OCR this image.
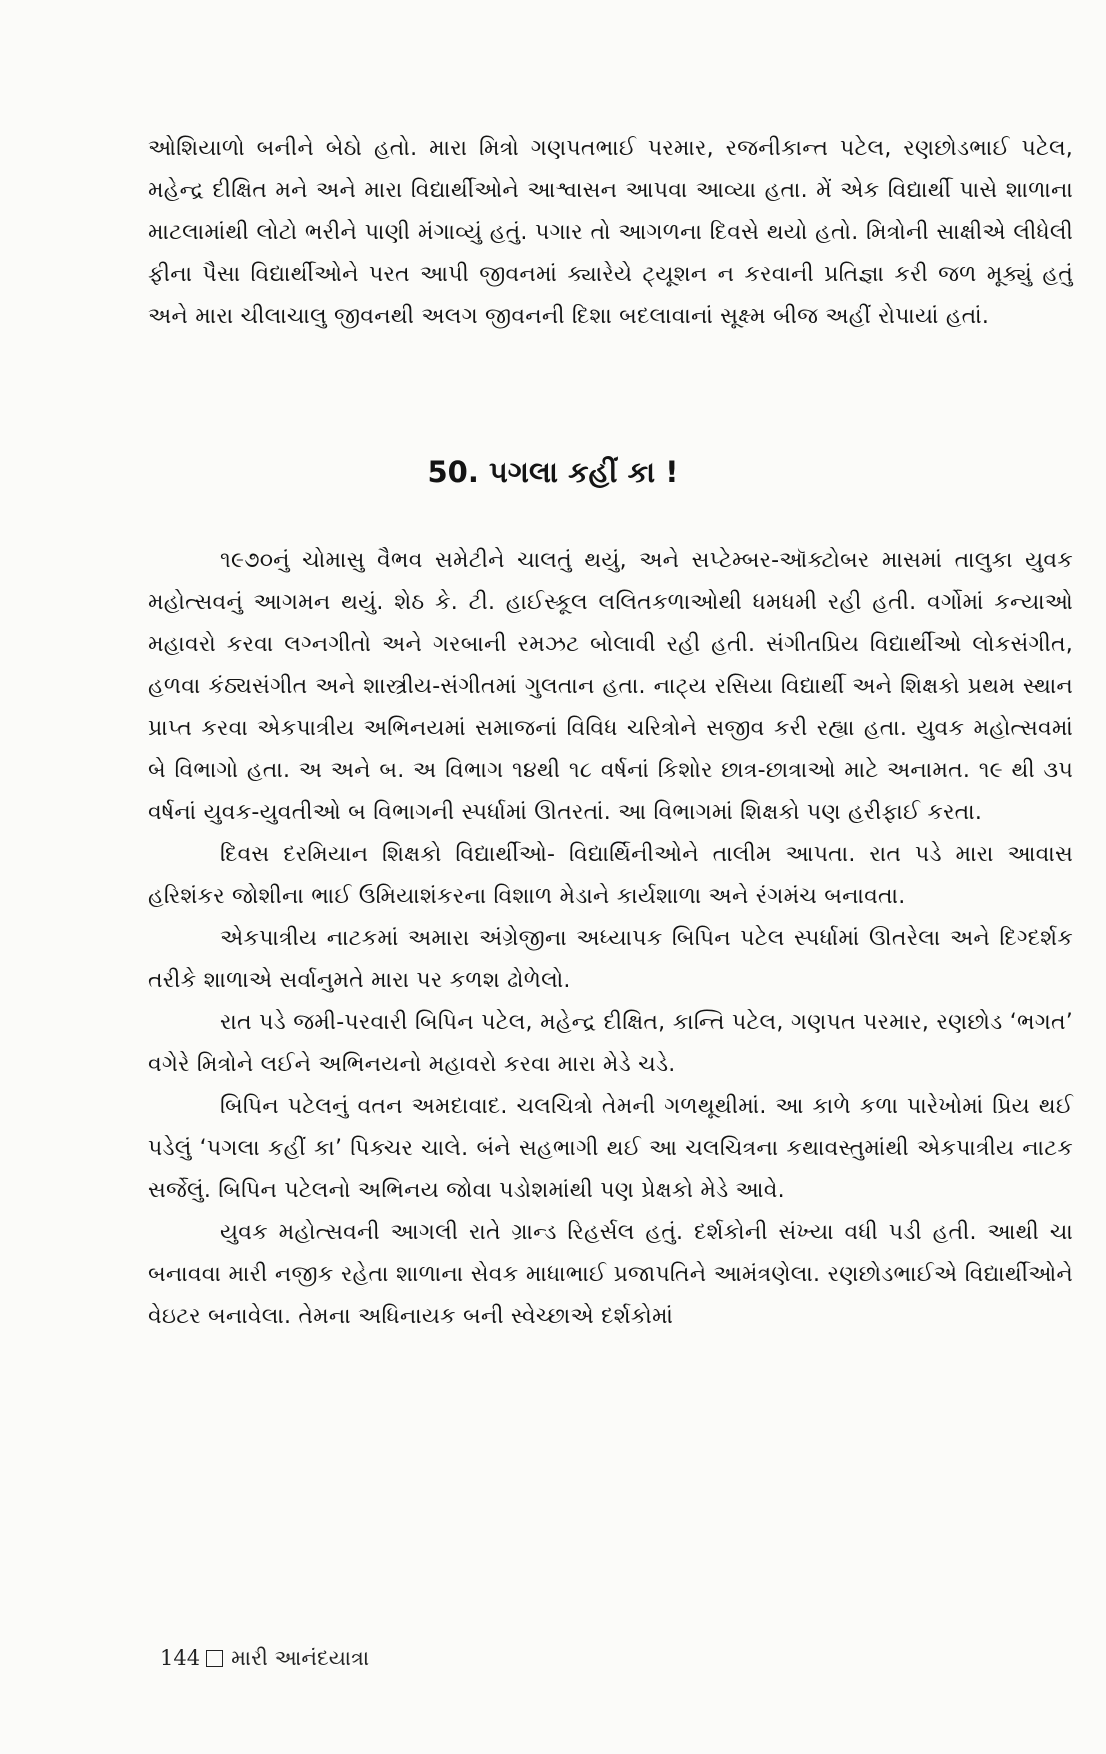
ઓશિયાળો બનીને બેઠો હતો. મારા મિત્રો ગણપતભાઈ પરમાર, રજનીકાન્ત પટેલ, રણછોડભાઈ પટેલ, મહેન્દ્ર દીક્ષિત મને અને મારા વિદ્યાર્થીઓને આશ્વાસન આપવા આવ્યા હતા. મેં એક વિદ્યાર્થી પાસે શાળાના માટલામાંથી લોટો ભરીને પાણી મંગાવ્યું હતું. પગાર તો આગળના દિવસે થયો હતો. મિત્રોની સાક્ષીએ લીધેલી ફીના પૈસા વિદ્યાર્થીઓને પરત આપી જીવનમાં ક્યારેયે ટ્યૂશન ન કરવાની પ્રતિજ્ઞા કરી જળ મૂક્યું હતું અને મારા ચીલાચાલુ જીવનથી અલગ જીવનની દિશા બદલાવાનાં સૂક્ષ્મ બીજ અહીં રોપાયાં હતાં.

50. પગલા કહીં કા !

૧૯૭૦નું ચોમાસુ વૈભવ સમેટીને ચાલતું થયું, અને સપ્ટેમ્બર-ઑક્ટોબર માસમાં તાલુકા યુવક મહોત્સવનું આગમન થયું. શેઠ કે. ટી. હાઈસ્કૂલ લલિતકળાઓથી ધમધમી રહી હતી. વર્ગોમાં કન્યાઓ મહાવરો કરવા લગ્નગીતો અને ગરબાની રમઝટ બોલાવી રહી હતી. સંગીતપ્રિય વિદ્યાર્થીઓ લોકસંગીત, હળવા કંઠ્યસંગીત અને શાસ્ત્રીય-સંગીતમાં ગુલતાન હતા. નાટ્ય રસિયા વિદ્યાર્થી અને શિક્ષકો પ્રથમ સ્થાન પ્રાપ્ત કરવા એકપાત્રીય અભિનયમાં સમાજનાં વિવિધ ચરિત્રોને સજીવ કરી રહ્યા હતા. યુવક મહોત્સવમાં બે વિભાગો હતા. અ અને બ. અ વિભાગ ૧૪થી ૧૮ વર્ષનાં કિશોર છાત્ર-છાત્રાઓ માટે અનામત. ૧૯ થી ૩૫ વર્ષનાં યુવક-યુવતીઓ બ વિભાગની સ્પર્ધામાં ઊતરતાં. આ વિભાગમાં શિક્ષકો પણ હરીફાઈ કરતા.

દિવસ દરમિયાન શિક્ષકો વિદ્યાર્થીઓ- વિદ્યાર્થિનીઓને તાલીમ આપતા. રાત પડે મારા આવાસ હરિશંકર જોશીના ભાઈ ઉમિયાશંકરના વિશાળ મેડાને કાર્યશાળા અને રંગમંચ બનાવતા.

એકપાત્રીય નાટકમાં અમારા અંગ્રેજીના અધ્યાપક બિપિન પટેલ સ્પર્ધામાં ઊતરેલા અને દિગ્દર્શક તરીકે શાળાએ સર્વાનુમતે મારા પર કળશ ઢોળેલો.

રાત પડે જમી-પરવારી બિપિન પટેલ, મહેન્દ્ર દીક્ષિત, કાન્તિ પટેલ, ગણપત પરમાર, રણછોડ ‘ભગત’ વગેરે મિત્રોને લઈને અભિનયનો મહાવરો કરવા મારા મેડે ચડે.

બિપિન પટેલનું વતન અમદાવાદ. ચલચિત્રો તેમની ગળથૂથીમાં. આ કાળે કળા પારેખોમાં પ્રિય થઈ પડેલું ‘પગલા કહીં કા’ પિક્ચર ચાલે. બંને સહભાગી થઈ આ ચલચિત્રના કથાવસ્તુમાંથી એકપાત્રીય નાટક સર્જેલું. બિપિન પટેલનો અભિનય જોવા પડોશમાંથી પણ પ્રેક્ષકો મેડે આવે.

યુવક મહોત્સવની આગલી રાતે ગ્રાન્ડ રિહર્સલ હતું. દર્શકોની સંખ્યા વધી પડી હતી. આથી ચા બનાવવા મારી નજીક રહેતા શાળાના સેવક માધાભાઈ પ્રજાપતિને આમંત્રણેલા. રણછોડભાઈએ વિદ્યાર્થીઓને વેઇટર બનાવેલા. તેમના અધિનાયક બની સ્વેચ્છાએ દર્શકોમાં

144 મારી આનંદયાત્રા
